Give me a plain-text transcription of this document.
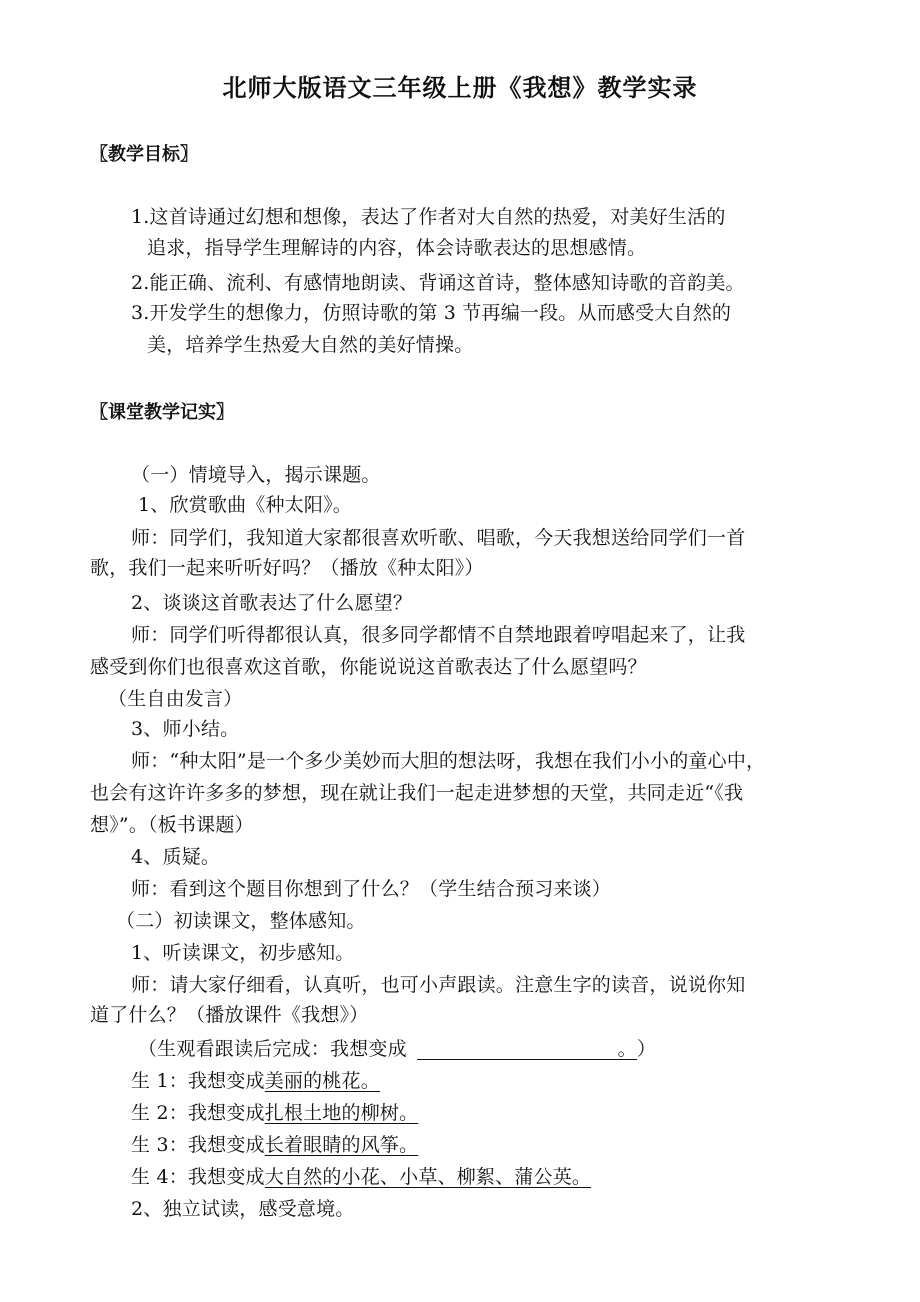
北师大版语文三年级上册《我想》教学实录
〖教学目标〗
1.这首诗通过幻想和想像，表达了作者对大自然的热爱，对美好生活的
追求，指导学生理解诗的内容，体会诗歌表达的思想感情。
2.能正确、流利、有感情地朗读、背诵这首诗，整体感知诗歌的音韵美。
3.开发学生的想像力，仿照诗歌的第 3 节再编一段。从而感受大自然的
美，培养学生热爱大自然的美好情操。
〖课堂教学记实〗
（一）情境导入，揭示课题。
1、欣赏歌曲《种太阳》。
师：同学们，我知道大家都很喜欢听歌、唱歌，今天我想送给同学们一首
歌，我们一起来听听好吗？（播放《种太阳》）
2、谈谈这首歌表达了什么愿望？
师：同学们听得都很认真，很多同学都情不自禁地跟着哼唱起来了，让我
感受到你们也很喜欢这首歌，你能说说这首歌表达了什么愿望吗？
（生自由发言）
3、师小结。
师：“种太阳”是一个多少美妙而大胆的想法呀，我想在我们小小的童心中，
也会有这许许多多的梦想，现在就让我们一起走进梦想的天堂，共同走近“《我
想》”。（板书课题）
4、质疑。
师：看到这个题目你想到了什么？（学生结合预习来谈）
（二）初读课文，整体感知。
1、听读课文，初步感知。
师：请大家仔细看，认真听，也可小声跟读。注意生字的读音，说说你知
道了什么？（播放课件《我想》）
（生观看跟读后完成：我想变成	。）
生 1：我想变成美丽的桃花。
生 2：我想变成扎根土地的柳树。
生 3：我想变成长着眼睛的风筝。
生 4：我想变成大自然的小花、小草、柳絮、蒲公英。
2、独立试读，感受意境。
